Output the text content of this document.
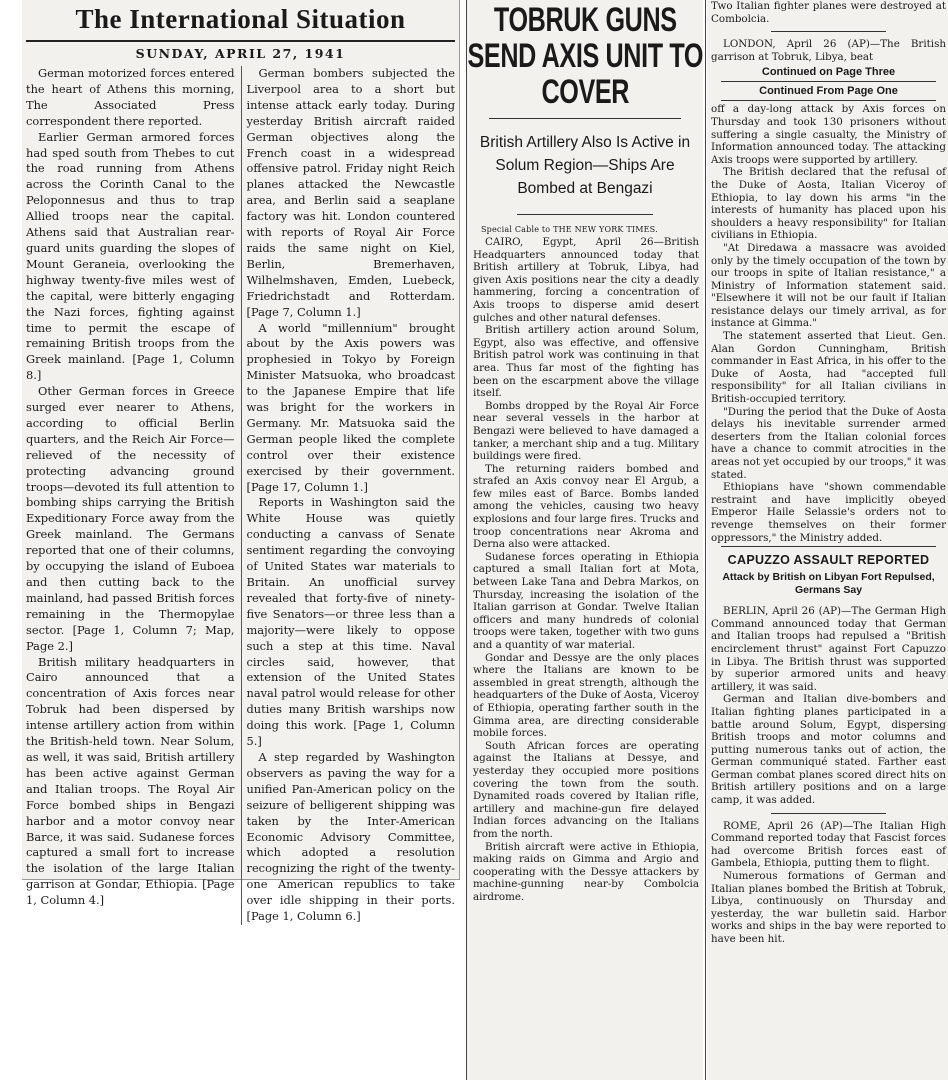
The International Situation
SUNDAY, APRIL 27, 1941

German motorized forces entered the heart of Athens this morning, The Associated Press correspondent there reported.

Earlier German armored forces had sped south from Thebes to cut the road running from Athens across the Corinth Canal to the Peloponnesus and thus to trap Allied troops near the capital. Athens said that Australian rear-guard units guarding the slopes of Mount Geraneia, overlooking the highway twenty-five miles west of the capital, were bitterly engaging the Nazi forces, fighting against time to permit the escape of remaining British troops from the Greek mainland. [Page 1, Column 8.]

Other German forces in Greece surged ever nearer to Athens, according to official Berlin quarters, and the Reich Air Force—relieved of the necessity of protecting advancing ground troops—devoted its full attention to bombing ships carrying the British Expeditionary Force away from the Greek mainland. The Germans reported that one of their columns, by occupying the island of Euboea and then cutting back to the mainland, had passed British forces remaining in the Thermopylae sector. [Page 1, Column 7; Map, Page 2.]

British military headquarters in Cairo announced that a concentration of Axis forces near Tobruk had been dispersed by intense artillery action from within the British-held town. Near Solum, as well, it was said, British artillery has been active against German and Italian troops. The Royal Air Force bombed ships in Bengazi harbor and a motor convoy near Barce, it was said. Sudanese forces captured a small fort to increase the isolation of the large Italian garrison at Gondar, Ethiopia. [Page 1, Column 4.]

German bombers subjected the Liverpool area to a short but intense attack early today. During yesterday British aircraft raided German objectives along the French coast in a widespread offensive patrol. Friday night Reich planes attacked the Newcastle area, and Berlin said a seaplane factory was hit. London countered with reports of Royal Air Force raids the same night on Kiel, Berlin, Bremerhaven, Wilhelmshaven, Emden, Luebeck, Friedrichstadt and Rotterdam. [Page 7, Column 1.]

A world "millennium" brought about by the Axis powers was prophesied in Tokyo by Foreign Minister Matsuoka, who broadcast to the Japanese Empire that life was bright for the workers in Germany. Mr. Matsuoka said the German people liked the complete control over their existence exercised by their government. [Page 17, Column 1.]

Reports in Washington said the White House was quietly conducting a canvass of Senate sentiment regarding the convoying of United States war materials to Britain. An unofficial survey revealed that forty-five of ninety-five Senators—or three less than a majority—were likely to oppose such a step at this time. Naval circles said, however, that extension of the United States naval patrol would release for other duties many British warships now doing this work. [Page 1, Column 5.]

A step regarded by Washington observers as paving the way for a unified Pan-American policy on the seizure of belligerent shipping was taken by the Inter-American Economic Advisory Committee, which adopted a resolution recognizing the right of the twenty-one American republics to take over idle shipping in their ports. [Page 1, Column 6.]

TOBRUK GUNS SEND AXIS UNIT TO COVER
British Artillery Also Is Active in Solum Region—Ships Are Bombed at Bengazi
Special Cable to THE NEW YORK TIMES.

CAIRO, Egypt, April 26—British Headquarters announced today that British artillery at Tobruk, Libya, had given Axis positions near the city a deadly hammering, forcing a concentration of Axis troops to disperse amid desert gulches and other natural defenses.

British artillery action around Solum, Egypt, also was effective, and offensive British patrol work was continuing in that area. Thus far most of the fighting has been on the escarpment above the village itself.

Bombs dropped by the Royal Air Force near several vessels in the harbor at Bengazi were believed to have damaged a tanker, a merchant ship and a tug. Military buildings were fired.

The returning raiders bombed and strafed an Axis convoy near El Argub, a few miles east of Barce. Bombs landed among the vehicles, causing two heavy explosions and four large fires. Trucks and troop concentrations near Akroma and Derna also were attacked.

Sudanese forces operating in Ethiopia captured a small Italian fort at Mota, between Lake Tana and Debra Markos, on Thursday, increasing the isolation of the Italian garrison at Gondar. Twelve Italian officers and many hundreds of colonial troops were taken, together with two guns and a quantity of war material.

Gondar and Dessye are the only places where the Italians are known to be assembled in great strength, although the headquarters of the Duke of Aosta, Viceroy of Ethiopia, operating farther south in the Gimma area, are directing considerable mobile forces.

South African forces are operating against the Italians at Dessye, and yesterday they occupied more positions covering the town from the south. Dynamited roads covered by Italian rifle, artillery and machine-gun fire delayed Indian forces advancing on the Italians from the north.

British aircraft were active in Ethiopia, making raids on Gimma and Argio and cooperating with the Dessye attackers by machine-gunning near-by Combolcia airdrome.

Two Italian fighter planes were destroyed at Combolcia.

LONDON, April 26 (AP)—The British garrison at Tobruk, Libya, beat

Continued on Page Three
Continued From Page One

off a day-long attack by Axis forces on Thursday and took 130 prisoners without suffering a single casualty, the Ministry of Information announced today. The attacking Axis troops were supported by artillery.

The British declared that the refusal of the Duke of Aosta, Italian Viceroy of Ethiopia, to lay down his arms "in the interests of humanity has placed upon his shoulders a heavy responsibility" for Italian civilians in Ethiopia.

"At Diredawa a massacre was avoided only by the timely occupation of the town by our troops in spite of Italian resistance," a Ministry of Information statement said. "Elsewhere it will not be our fault if Italian resistance delays our timely arrival, as for instance at Gimma."

The statement asserted that Lieut. Gen. Alan Gordon Cunningham, British commander in East Africa, in his offer to the Duke of Aosta, had "accepted full responsibility" for all Italian civilians in British-occupied territory.

"During the period that the Duke of Aosta delays his inevitable surrender armed deserters from the Italian colonial forces have a chance to commit atrocities in the areas not yet occupied by our troops," it was stated.

Ethiopians have "shown commendable restraint and have implicitly obeyed Emperor Haile Selassie's orders not to revenge themselves on their former oppressors," the Ministry added.

CAPUZZO ASSAULT REPORTED
Attack by British on Libyan Fort Repulsed, Germans Say

BERLIN, April 26 (AP)—The German High Command announced today that German and Italian troops had repulsed a "British encirclement thrust" against Fort Capuzzo in Libya. The British thrust was supported by superior armored units and heavy artillery, it was said.

German and Italian dive-bombers and Italian fighting planes participated in a battle around Solum, Egypt, dispersing British troops and motor columns and putting numerous tanks out of action, the German communiqué stated. Farther east German combat planes scored direct hits on British artillery positions and on a large camp, it was added.

ROME, April 26 (AP)—The Italian High Command reported today that Fascist forces had overcome British forces east of Gambela, Ethiopia, putting them to flight.

Numerous formations of German and Italian planes bombed the British at Tobruk, Libya, continuously on Thursday and yesterday, the war bulletin said. Harbor works and ships in the bay were reported to have been hit.
